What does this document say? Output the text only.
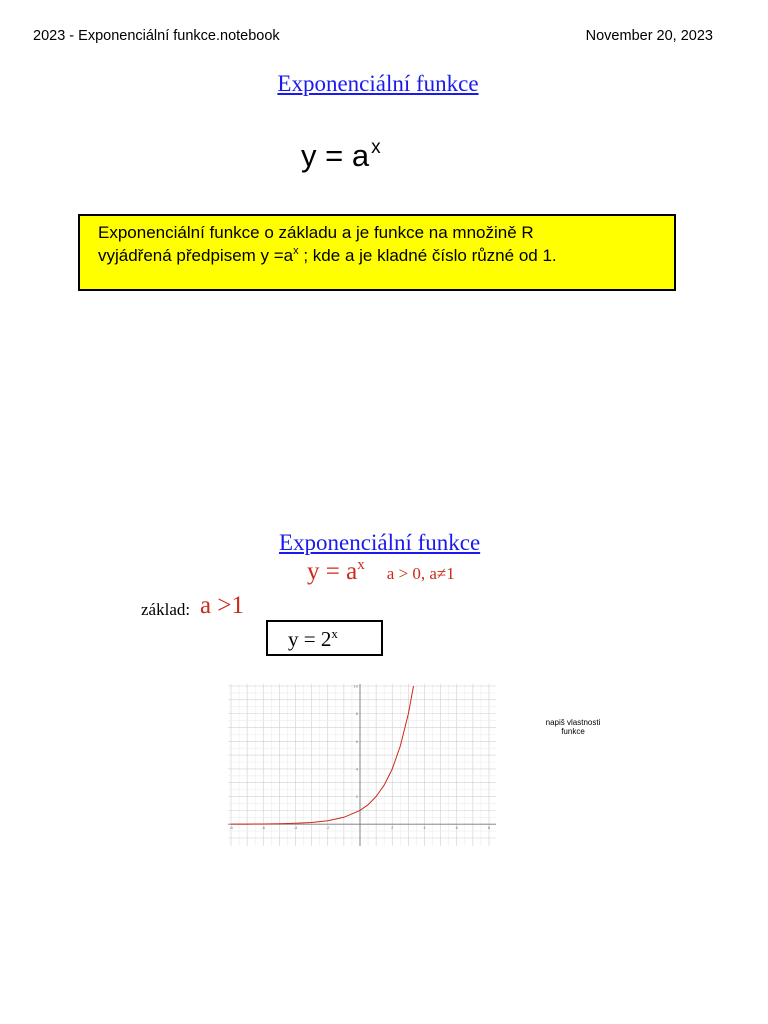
2023 - Exponenciální funkce.notebook	November 20, 2023
Exponenciální funkce
y = a $^x$
Exponenciální funkce o základu a je funkce na množině R
vyjádřená předpisem $y =a^x$ ; kde a je kladné číslo různé od 1.
Exponenciální funkce
$y = a^x$ a > 0, a≠1
základ: a >1
$y = 2^x$
-8	-6	-4	-2	2	4	6	8
2
4
6
8
10
napiš vlastnosti funkce
